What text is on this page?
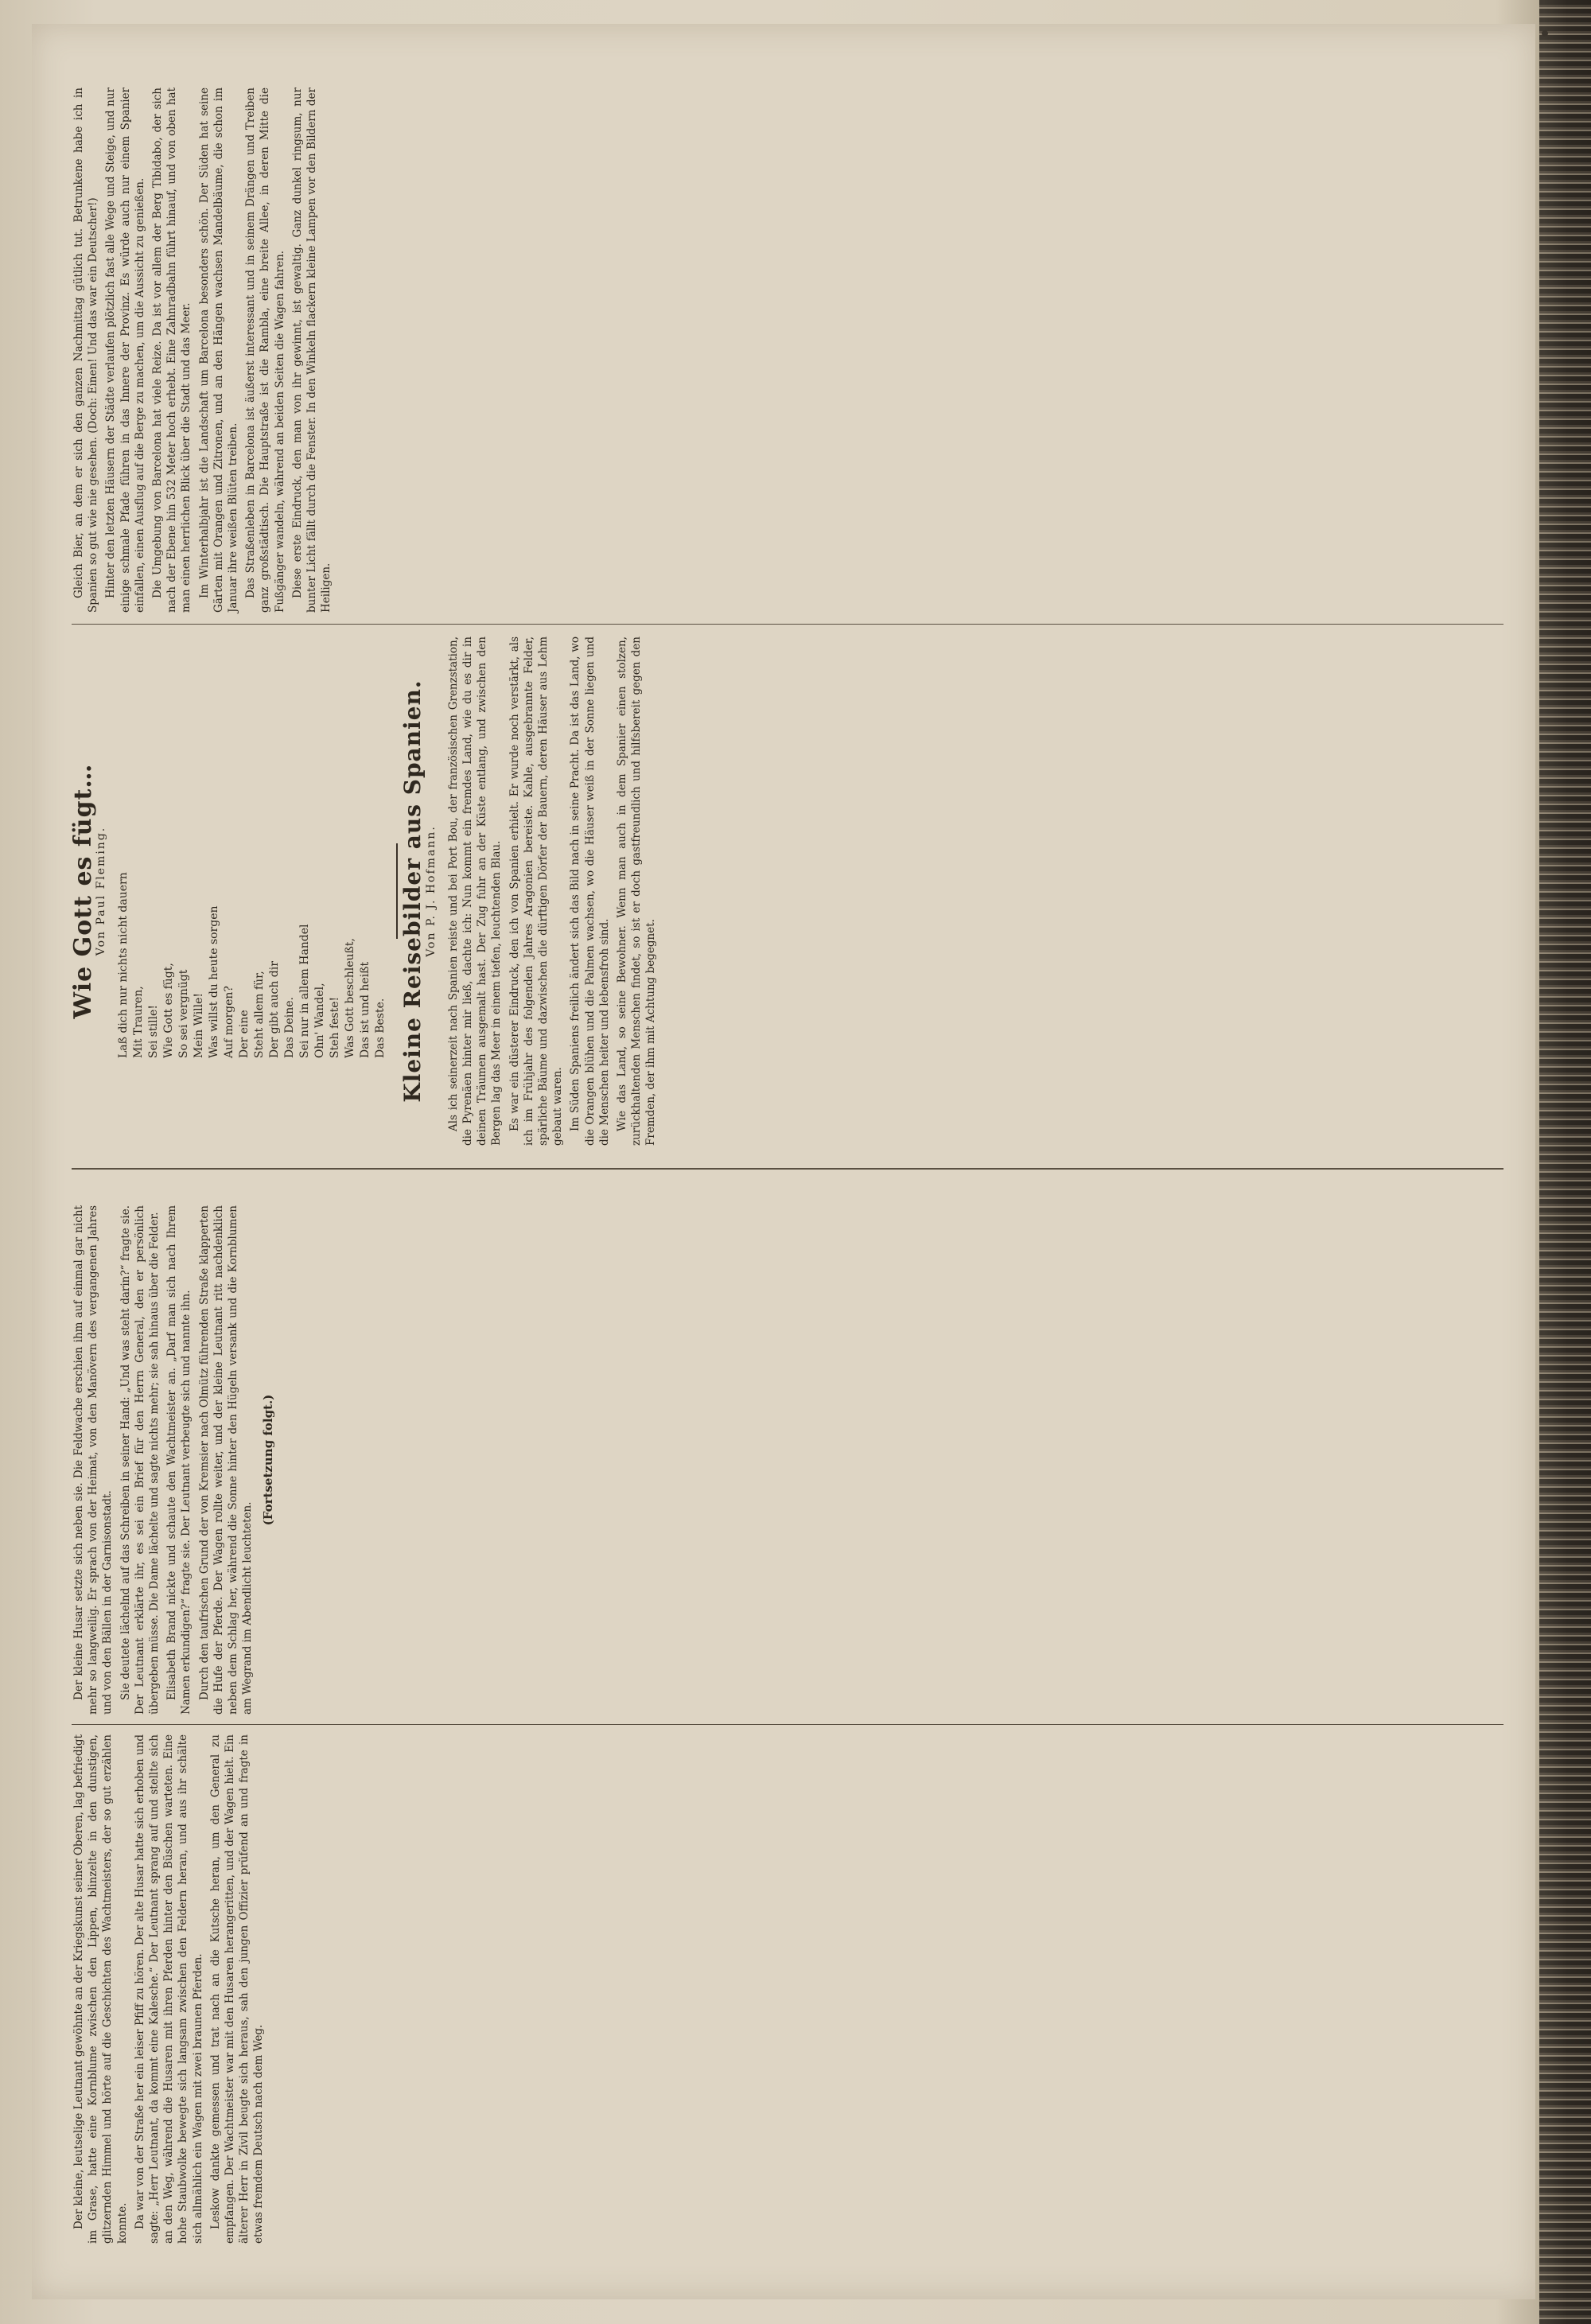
Der kleine, leutselige Leutnant gewöhnte an der Kriegskunst seiner Oberen, lag befriedigt im Grase, hatte eine Kornblume zwischen den Lippen, blinzelte in den dunstigen, glitzernden Himmel und hörte auf die Geschichten des Wachtmeisters, der so gut erzählen konnte. Da war von der Straße her ein leiser Pfiff zu hören. Der alte Husar hatte sich erhoben und sagte: „Herr Leutnant, da kommt eine Kalesche.“ Der Leutnant sprang auf und stellte sich an den Weg, während die Husaren mit ihren Pferden hinter den Büschen warteten. Eine hohe Staubwolke bewegte sich langsam zwischen den Feldern heran, und aus ihr schälte sich allmählich ein Wagen mit zwei braunen Pferden. Leskow dankte gemessen und trat nach an die Kutsche heran, um den General zu empfangen. Der Wachtmeister war mit den Husaren herangeritten, und der Wagen hielt. Ein älterer Herr in Zivil beugte sich heraus, sah den jungen Offizier prüfend an und fragte in etwas fremdem Deutsch nach dem Weg.

Der kleine Husar setzte sich neben sie. Die Feldwache erschien ihm auf einmal gar nicht mehr so langweilig. Er sprach von der Heimat, von den Manövern des vergangenen Jahres und von den Bällen in der Garnisonstadt. Sie deutete lächelnd auf das Schreiben in seiner Hand: „Und was steht darin?“ fragte sie. Der Leutnant erklärte ihr, es sei ein Brief für den Herrn General, den er persönlich übergeben müsse. Die Dame lächelte und sagte nichts mehr; sie sah hinaus über die Felder. Elisabeth Brand nickte und schaute den Wachtmeister an. „Darf man sich nach Ihrem Namen erkundigen?“ fragte sie. Der Leutnant verbeugte sich und nannte ihn. Durch den taufrischen Grund der von Kremsier nach Olmütz führenden Straße klapperten die Hufe der Pferde. Der Wagen rollte weiter, und der kleine Leutnant ritt nachdenklich neben dem Schlag her, während die Sonne hinter den Hügeln versank und die Kornblumen am Wegrand im Abendlicht leuchteten.

(Fortsetzung folgt.)
Wie Gott es fügt…
Von Paul Fleming. Laß dich nur nichts nicht dauern Mit Trauren, Sei stille! Wie Gott es fügt, So sei vergnügt Mein Wille! Was willst du heute sorgen Auf morgen? Der eine Steht allem für, Der gibt auch dir Das Deine. Sei nur in allem Handel Ohn' Wandel, Steh feste! Was Gott beschleußt, Das ist und heißt Das Beste. Kleine Reisebilder aus Spanien.
Von P. J. Hofmann. Als ich seinerzeit nach Spanien reiste und bei Port Bou, der französischen Grenzstation, die Pyrenäen hinter mir ließ, dachte ich: Nun kommt ein fremdes Land, wie du es dir in deinen Träumen ausgemalt hast. Der Zug fuhr an der Küste entlang, und zwischen den Bergen lag das Meer in einem tiefen, leuchtenden Blau. Es war ein düsterer Eindruck, den ich von Spanien erhielt. Er wurde noch verstärkt, als ich im Frühjahr des folgenden Jahres Aragonien bereiste. Kahle, ausgebrannte Felder, spärliche Bäume und dazwischen die dürftigen Dörfer der Bauern, deren Häuser aus Lehm gebaut waren. Im Süden Spaniens freilich ändert sich das Bild nach in seine Pracht. Da ist das Land, wo die Orangen blühen und die Palmen wachsen, wo die Häuser weiß in der Sonne liegen und die Menschen heiter und lebensfroh sind. Wie das Land, so seine Bewohner. Wenn man auch in dem Spanier einen stolzen, zurückhaltenden Menschen findet, so ist er doch gastfreundlich und hilfsbereit gegen den Fremden, der ihm mit Achtung begegnet.

Gleich Bier, an dem er sich den ganzen Nachmittag gütlich tut. Betrunkene habe ich in Spanien so gut wie nie gesehen. (Doch: Einen! Und das war ein Deutscher!) Hinter den letzten Häusern der Städte verlaufen plötzlich fast alle Wege und Steige, und nur einige schmale Pfade führen in das Innere der Provinz. Es würde auch nur einem Spanier einfallen, einen Ausflug auf die Berge zu machen, um die Aussicht zu genießen. Die Umgebung von Barcelona hat viele Reize. Da ist vor allem der Berg Tibidabo, der sich nach der Ebene hin 532 Meter hoch erhebt. Eine Zahnradbahn führt hinauf, und von oben hat man einen herrlichen Blick über die Stadt und das Meer. Im Winterhalbjahr ist die Landschaft um Barcelona besonders schön. Der Süden hat seine Gärten mit Orangen und Zitronen, und an den Hängen wachsen Mandelbäume, die schon im Januar ihre weißen Blüten treiben. Das Straßenleben in Barcelona ist äußerst interessant und in seinem Drängen und Treiben ganz großstädtisch. Die Hauptstraße ist die Rambla, eine breite Allee, in deren Mitte die Fußgänger wandeln, während an beiden Seiten die Wagen fahren. Diese erste Eindruck, den man von ihr gewinnt, ist gewaltig. Ganz dunkel ringsum, nur bunter Licht fällt durch die Fenster. In den Winkeln flackern kleine Lampen vor den Bildern der Heiligen.
